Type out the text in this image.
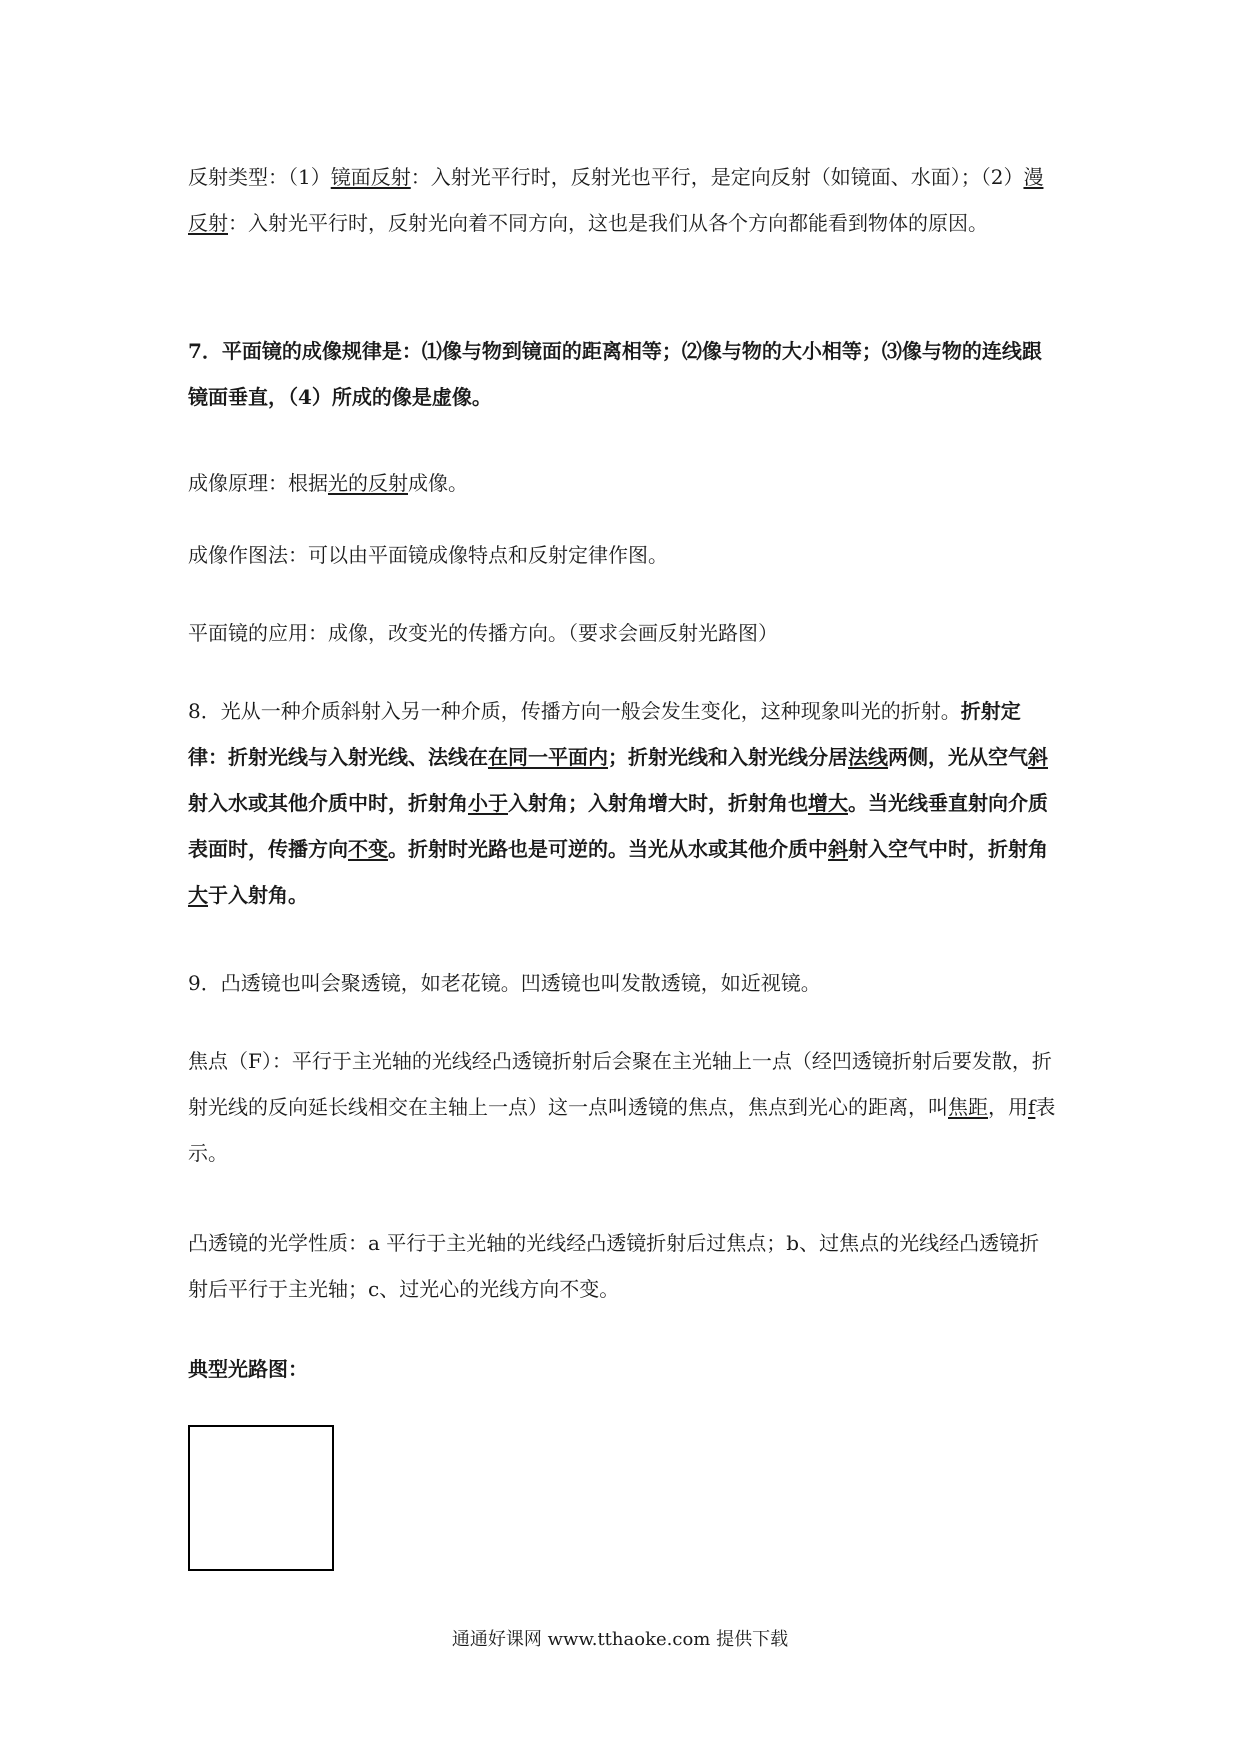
反射类型：（1）镜面反射：入射光平行时，反射光也平行，是定向反射（如镜面、水面）；（2）漫反射：入射光平行时，反射光向着不同方向，这也是我们从各个方向都能看到物体的原因。

7．平面镜的成像规律是：⑴像与物到镜面的距离相等；⑵像与物的大小相等；⑶像与物的连线跟镜面垂直，（4）所成的像是虚像。

成像原理：根据光的反射成像。

成像作图法：可以由平面镜成像特点和反射定律作图。

平面镜的应用：成像，改变光的传播方向。（要求会画反射光路图）

8．光从一种介质斜射入另一种介质，传播方向一般会发生变化，这种现象叫光的折射。折射定律：折射光线与入射光线、法线在在同一平面内；折射光线和入射光线分居法线两侧，光从空气斜射入水或其他介质中时，折射角小于入射角；入射角增大时，折射角也增大。当光线垂直射向介质表面时，传播方向不变。折射时光路也是可逆的。当光从水或其他介质中斜射入空气中时，折射角大于入射角。

9．凸透镜也叫会聚透镜，如老花镜。凹透镜也叫发散透镜，如近视镜。

焦点（F）：平行于主光轴的光线经凸透镜折射后会聚在主光轴上一点（经凹透镜折射后要发散，折射光线的反向延长线相交在主轴上一点）这一点叫透镜的焦点，焦点到光心的距离，叫焦距，用f表示。

凸透镜的光学性质：a 平行于主光轴的光线经凸透镜折射后过焦点；b、过焦点的光线经凸透镜折射后平行于主光轴；c、过光心的光线方向不变。

典型光路图：

通通好课网 www.tthaoke.com 提供下载
